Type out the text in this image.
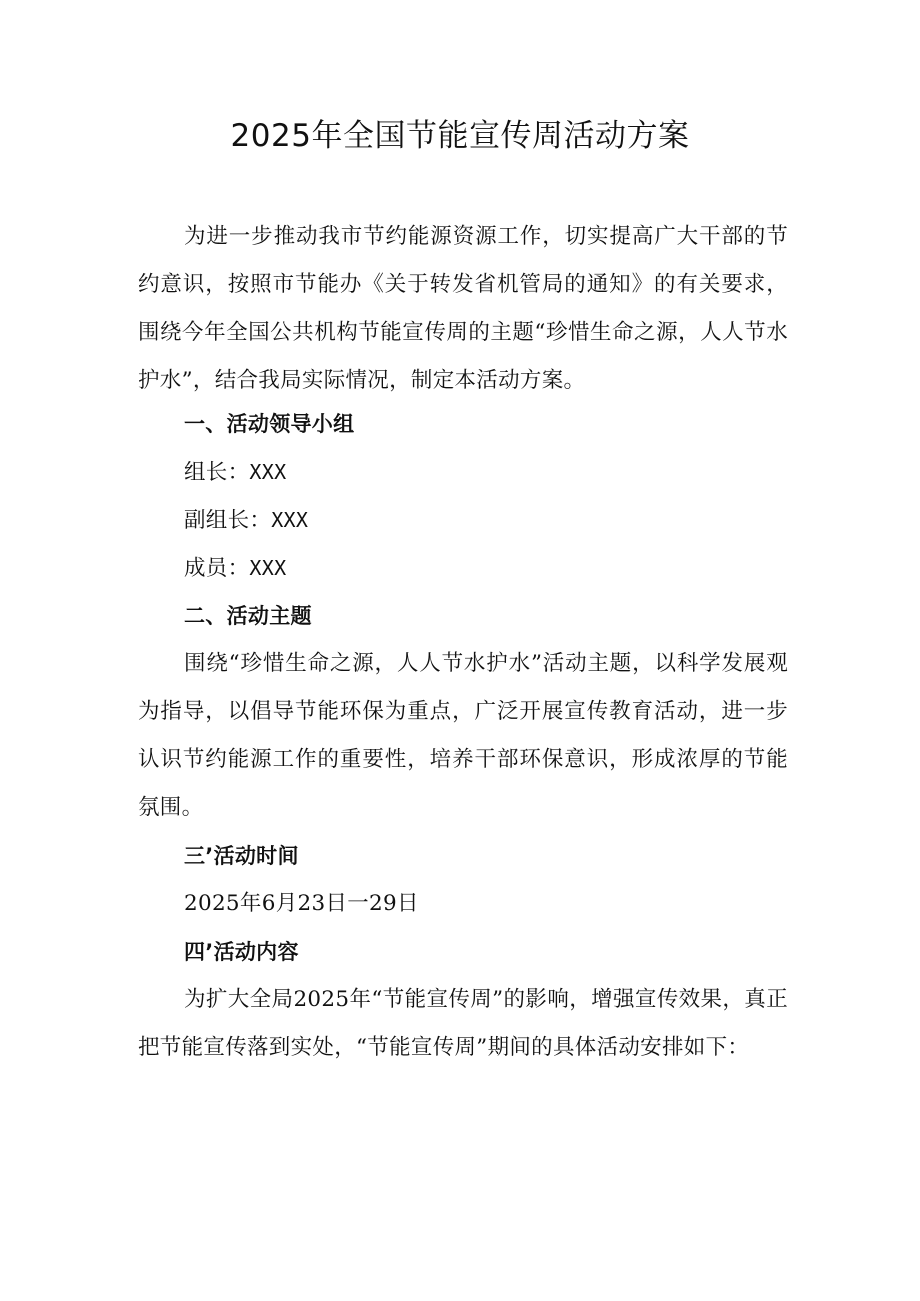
2025年全国节能宣传周活动方案
为进一步推动我市节约能源资源工作，切实提高广大干部的节约意识，按照市节能办《关于转发省机管局的通知》的有关要求，围绕今年全国公共机构节能宣传周的主题“珍惜生命之源，人人节水护水”，结合我局实际情况，制定本活动方案。
一、活动领导小组
组长：XXX
副组长：XXX
成员：XXX
二、活动主题
围绕“珍惜生命之源，人人节水护水”活动主题，以科学发展观为指导，以倡导节能环保为重点，广泛开展宣传教育活动，进一步认识节约能源工作的重要性，培养干部环保意识，形成浓厚的节能氛围。
三’活动时间
2025年6月23日一29日
四’活动内容
为扩大全局2025年“节能宣传周”的影响，增强宣传效果，真正把节能宣传落到实处，“节能宣传周”期间的具体活动安排如下：
